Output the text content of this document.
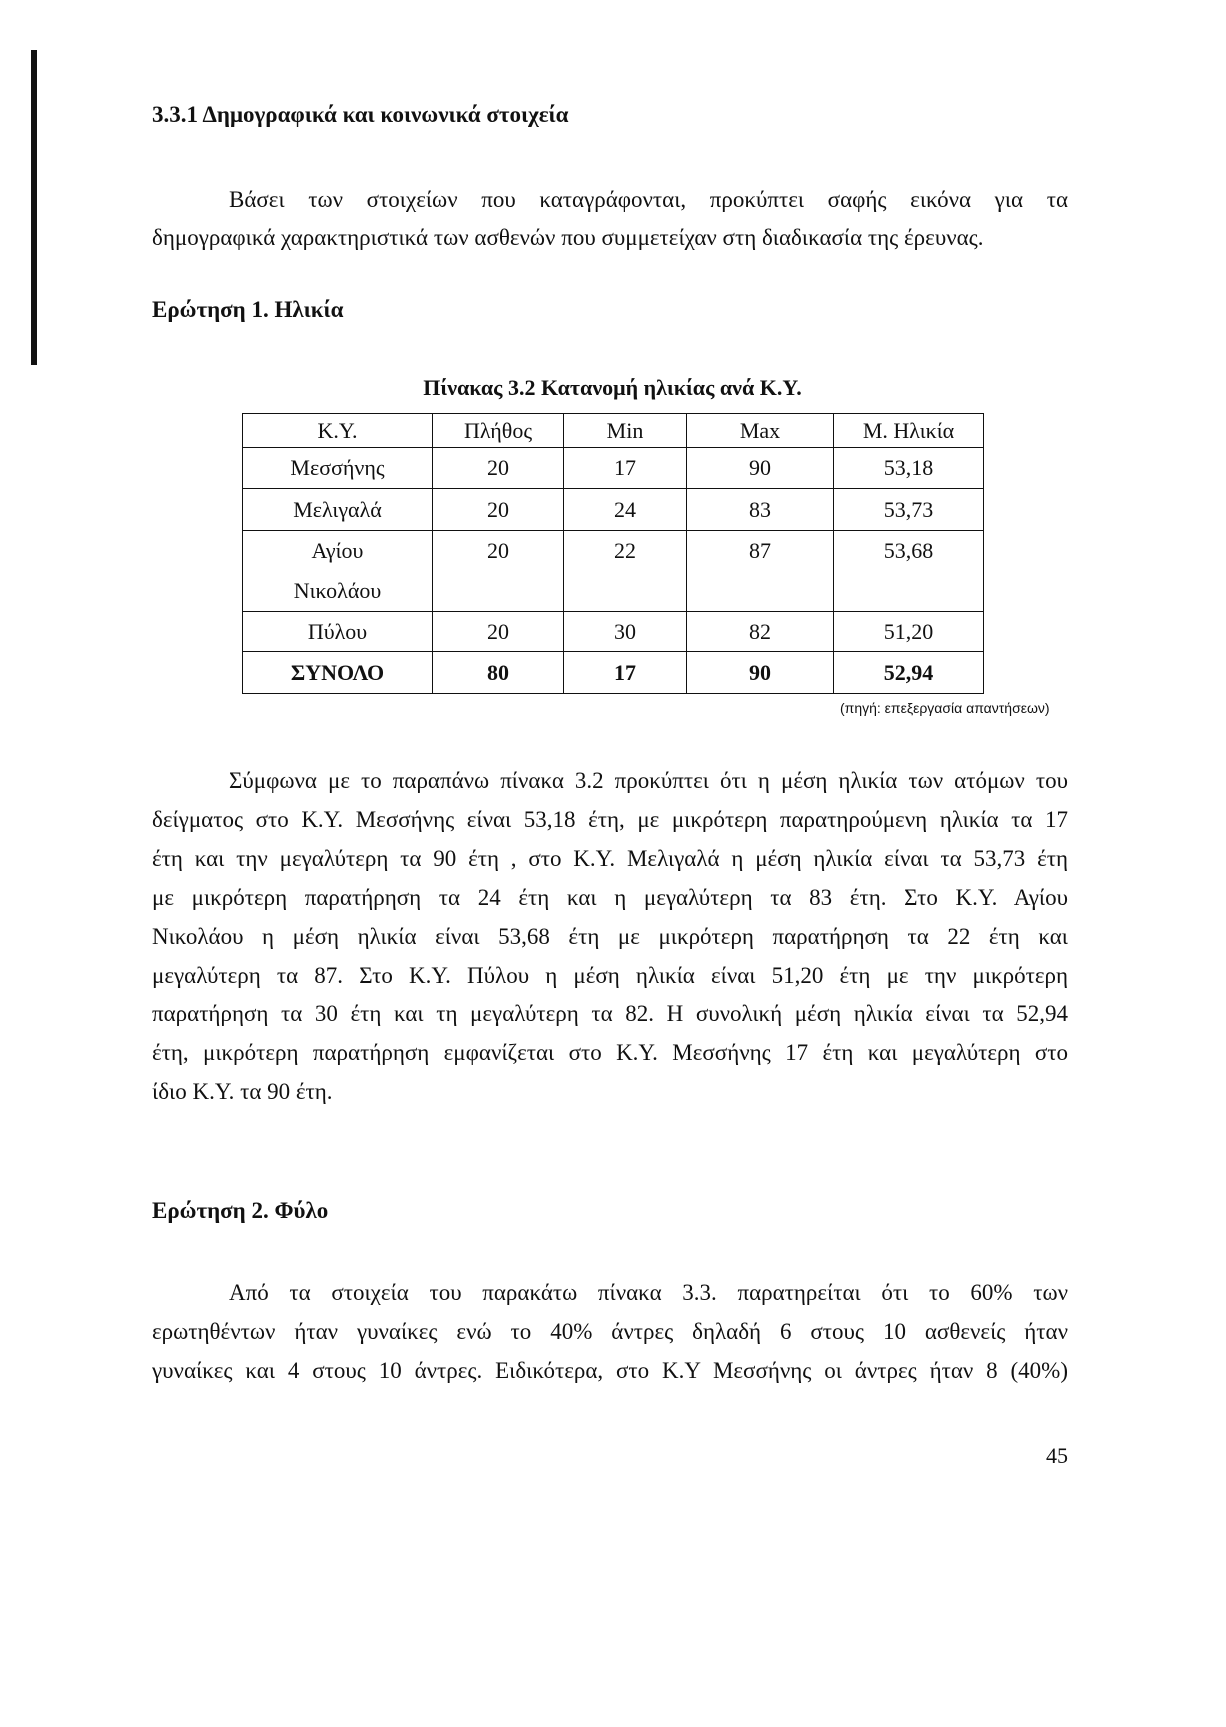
3.3.1 Δημογραφικά και κοινωνικά στοιχεία
Βάσει των στοιχείων που καταγράφονται, προκύπτει σαφής εικόνα για τα
δημογραφικά χαρακτηριστικά των ασθενών που συμμετείχαν στη διαδικασία της έρευνας.
Ερώτηση 1. Ηλικία
Πίνακας 3.2 Κατανομή ηλικίας ανά Κ.Υ.
Κ.Υ.	Πλήθος	Min	Max	Μ. Ηλικία

Μεσσήνης	20	17	90	53,18

Μελιγαλά	20	24	83	53,73

Αγίου
Νικολάου	20	22	87	53,68

Πύλου	20	30	82	51,20
ΣΥΝΟΛΟ	80	17	90	52,94
(πηγή: επεξεργασία απαντήσεων)
Σύμφωνα με το παραπάνω πίνακα 3.2 προκύπτει ότι η μέση ηλικία των ατόμων του
δείγματος στο Κ.Υ. Μεσσήνης είναι 53,18 έτη, με μικρότερη παρατηρούμενη ηλικία τα 17
έτη και την μεγαλύτερη τα 90 έτη , στο Κ.Υ. Μελιγαλά η μέση ηλικία είναι τα 53,73 έτη
με μικρότερη παρατήρηση τα 24 έτη και η μεγαλύτερη τα 83 έτη. Στο Κ.Υ. Αγίου
Νικολάου η μέση ηλικία είναι 53,68 έτη με μικρότερη παρατήρηση τα 22 έτη και
μεγαλύτερη τα 87. Στο Κ.Υ. Πύλου η μέση ηλικία είναι 51,20 έτη με την μικρότερη
παρατήρηση τα 30 έτη και τη μεγαλύτερη τα 82. Η συνολική μέση ηλικία είναι τα 52,94
έτη, μικρότερη παρατήρηση εμφανίζεται στο Κ.Υ. Μεσσήνης 17 έτη και μεγαλύτερη στο
ίδιο Κ.Υ. τα 90 έτη.
Ερώτηση 2. Φύλο
Από τα στοιχεία του παρακάτω πίνακα 3.3. παρατηρείται ότι το 60% των
ερωτηθέντων ήταν γυναίκες ενώ το 40% άντρες δηλαδή 6 στους 10 ασθενείς ήταν
γυναίκες και 4 στους 10 άντρες. Ειδικότερα, στο Κ.Υ Μεσσήνης οι άντρες ήταν 8 (40%)
45
